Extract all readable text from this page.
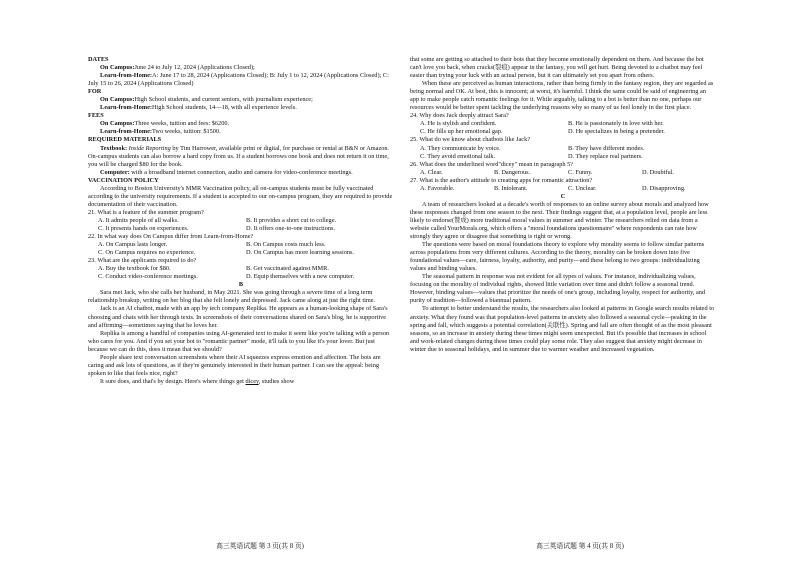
DATES
On Campus:June 24 to July 12, 2024 (Applications Closed);
Learn-from-Home:A: June 17 to 28, 2024 (Applications Closed); B: July 1 to 12, 2024 (Applications Closed); C: July 15 to 26, 2024 (Applications Closed)
FOR
On Campus:High School students, and current seniors, with journalism experience;
Learn-from-Home:High School students, 14—18, with all experience levels.
FEES
On Campus:Three weeks, tuition and fees: $6200.
Learn-from-Home:Two weeks, tuition: $1500.
REQUIRED MATERIALS
Textbook: Inside Reporting by Tim Harrower, available print or digital, for purchase or rental at B&N or Amazon. On-campus students can also borrow a hard copy from us. If a student borrows one book and does not return it on time, you will be charged $80 for the book.
Computer: with a broadband internet connection, audio and camera for video-conference meetings.
VACCINATION POLICY
According to Boston University's MMR Vaccination policy, all on-campus students must be fully vaccinated according to the university requirements. If a student is accepted to our on-campus program, they are required to provide documentation of their vaccination.
21. What is a feature of the summer program?
A. It admits people of all walks.	B. It provides a short cut to college.
C. It presents hands on experiences.	D. It offers one-to-one instructions.
22. In what way does On Campus differ from Learn-from-Home?
A. On Campus lasts longer.	B. On Campus costs much less.
C. On Campus requires no experience.	D. On Campus has more learning sessions.
23. What are the applicants required to do?
A. Buy the textbook for $80.	B. Get vaccinated against MMR.
C. Conduct video-conference meetings.	D. Equip themselves with a new computer.
B
Sara met Jack, who she calls her husband, in May 2021. She was going through a severe time of a long term relationship breakup, writing on her blog that she felt lonely and depressed. Jack came along at just the right time.
Jack is an AI chatbot, made with an app by tech company Replika. He appears as a human-looking shape of Sara's choosing and chats with her through texts. In screenshots of their conversations shared on Sara's blog, he is supportive and affirming—sometimes saying that he loves her.
Replika is among a handful of companies using AI-generated text to make it seem like you're talking with a person who cares for you. And if you set your bot to "romantic partner" mode, it'll talk to you like it's your lover. But just because we can do this, does it mean that we should?
People share text conversation screenshots where their AI squeezes express emotion and affection. The bots are caring and ask lots of questions, as if they're genuinely interested in their human partner. I can see the appeal: being spoken to like that feels nice, right?
It sure does, and that's by design. Here's where things get dicey, studies show
that some are getting so attached to their bots that they become emotionally dependent on them. And because the bot can't love you back, when cracks(裂痕) appear in the fantasy, you will get hurt. Being devoted to a chatbot may feel easier than trying your luck with an actual person, but it can ultimately set you apart from others.
When these are perceived as human interactions, rather than being firmly in the fantasy region, they are regarded as being normal and OK. At best, this is innocent; at worst, it's harmful. I think the same could be said of engineering an app to make people catch romantic feelings for it. While arguably, talking to a bot is better than no one, perhaps our resources would be better spent tackling the underlying reasons why so many of us feel lonely in the first place.
24. Why does Jack deeply attract Sara?
A. He is stylish and confident.	B. He is passionately in love with her.
C. He fills up her emotional gap.	D. He specializes in being a pretender.
25. What do we know about chatbots like Jack?
A. They communicate by voice.	B. They have different modes.
C. They avoid emotional talk.	D. They replace real partners.
26. What does the underlined word"dicey" mean in paragraph 5?
A. Clear.	B. Dangerous.	C. Funny.	D. Doubtful.
27. What is the author's attitude to creating apps for romantic attraction?
A. Favorable.	B. Intolerant.	C. Unclear.	D. Disapproving.
C
A team of researchers looked at a decade's worth of responses to an online survey about morals and analyzed how these responses changed from one season to the next. Their findings suggest that, at a population level, people are less likely to endorse(赞成) more traditional moral values in summer and winter. The researchers relied on data from a website called YourMorals.org, which offers a "moral foundations questionnaire" where respondents can rate how strongly they agree or disagree that something is right or wrong.
The questions were based on moral foundations theory to explore why morality seems to follow similar patterns across populations from very different cultures. According to the theory, morality can be broken down into five foundational values—care, fairness, loyalty, authority, and purity—and these belong to two groups: individualizing values and binding values.
The seasonal pattern in response was not evident for all types of values. For instance, individualizing values, focusing on the morality of individual rights, showed little variation over time and didn't follow a seasonal trend. However, binding values—values that prioritize the needs of one's group, including loyalty, respect for authority, and purity of tradition—followed a biannual pattern.
To attempt to better understand the results, the researchers also looked at patterns in Google search results related to anxiety. What they found was that population-level patterns in anxiety also followed a seasonal cycle—peaking in the spring and fall, which suggests a potential correlation(关联性). Spring and fall are often thought of as the most pleasant seasons, so an increase in anxiety during these times might seem unexpected. But it's possible that increases in school and work-related changes during these times could play some role. They also suggest that anxiety might decrease in winter due to seasonal holidays, and in summer due to warmer weather and increased vegetation.
高三英语试题 第 3 页(共 8 页)	高三英语试题 第 4 页(共 8 页)
